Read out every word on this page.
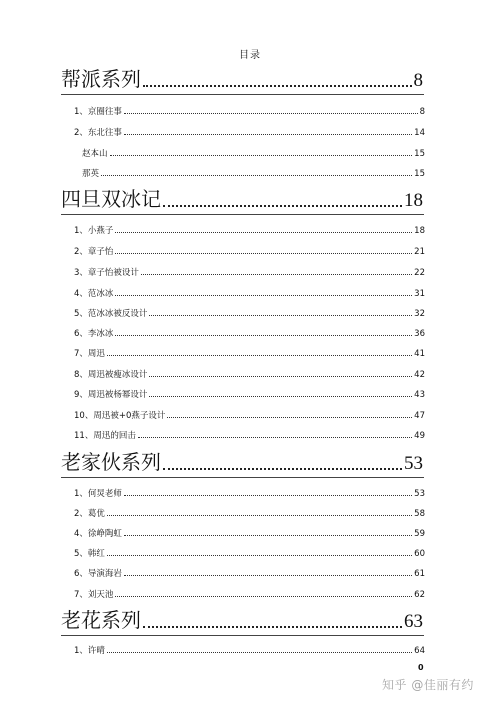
目录
帮派系列	8
1、京圈往事	8
2、东北往事	14
赵本山	15
那英	15
四旦双冰记	18
1、小燕子	18
2、章子怡	21
3、章子怡被设计	22
4、范冰冰	31
5、范冰冰被反设计	32
6、李冰冰	36
7、周迅	41
8、周迅被瘦冰设计	42
9、周迅被杨幂设计	43
10、周迅被+0燕子设计	47
11、周迅的回击	49
老家伙系列	53
1、何炅老师	53
2、葛优	58
4、徐峥陶虹	59
5、韩红	60
6、导演海岩	61
7、刘天池	62
老花系列	63
1、许晴	64
0
知乎 @佳丽有约
